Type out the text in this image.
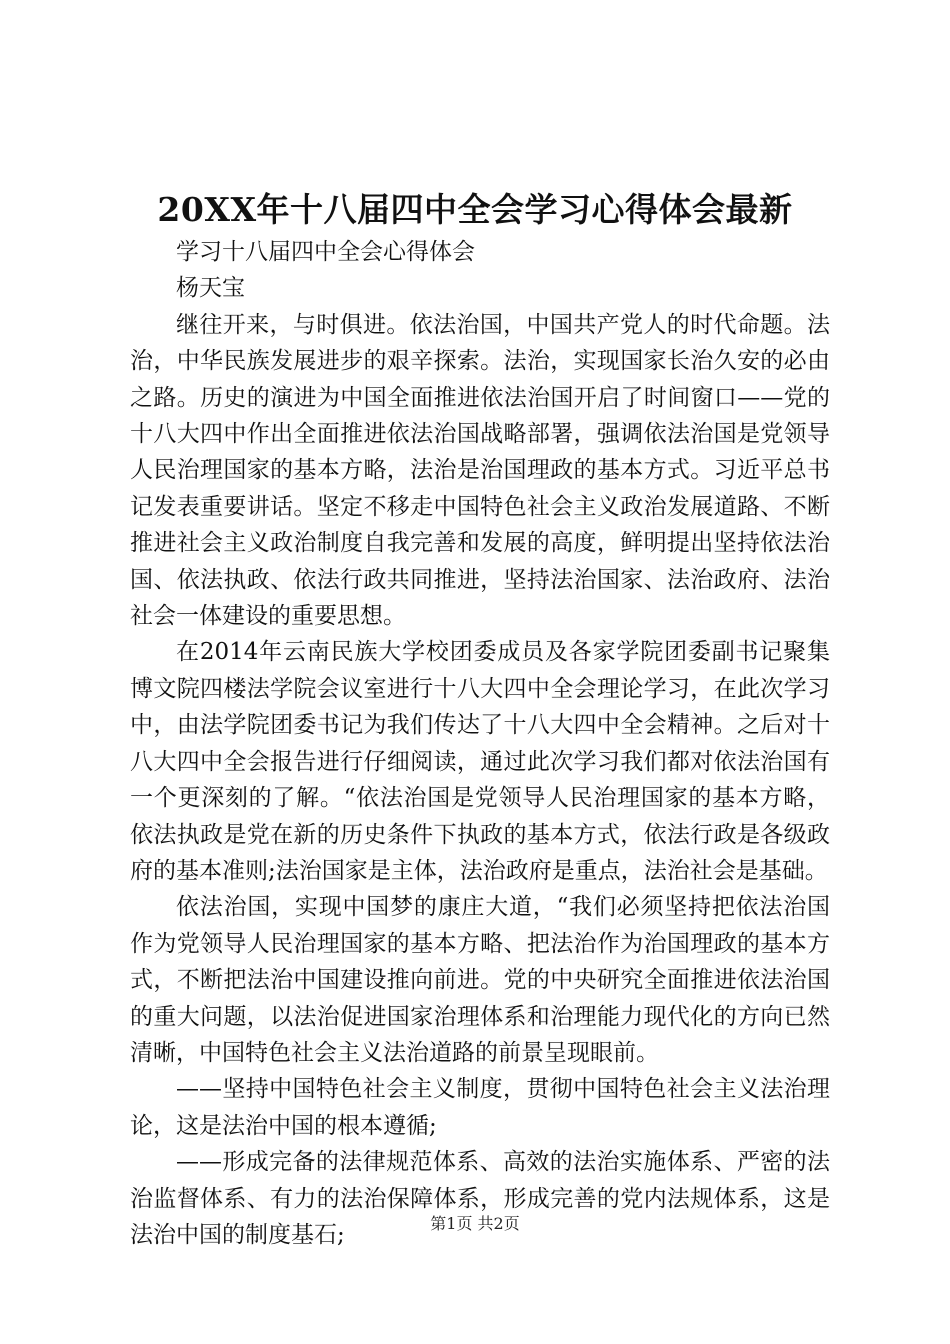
20XX年十八届四中全会学习心得体会最新

学习十八届四中全会心得体会

杨天宝

继往开来，与时俱进。依法治国，中国共产党人的时代命题。法治，中华民族发展进步的艰辛探索。法治，实现国家长治久安的必由之路。历史的演进为中国全面推进依法治国开启了时间窗口——党的十八大四中作出全面推进依法治国战略部署，强调依法治国是党领导人民治理国家的基本方略，法治是治国理政的基本方式。习近平总书记发表重要讲话。坚定不移走中国特色社会主义政治发展道路、不断推进社会主义政治制度自我完善和发展的高度，鲜明提出坚持依法治国、依法执政、依法行政共同推进，坚持法治国家、法治政府、法治社会一体建设的重要思想。

在2014年云南民族大学校团委成员及各家学院团委副书记聚集博文院四楼法学院会议室进行十八大四中全会理论学习，在此次学习中，由法学院团委书记为我们传达了十八大四中全会精神。之后对十八大四中全会报告进行仔细阅读，通过此次学习我们都对依法治国有一个更深刻的了解。“依法治国是党领导人民治理国家的基本方略，依法执政是党在新的历史条件下执政的基本方式，依法行政是各级政府的基本准则;法治国家是主体，法治政府是重点，法治社会是基础。

依法治国，实现中国梦的康庄大道，“我们必须坚持把依法治国作为党领导人民治理国家的基本方略、把法治作为治国理政的基本方式，不断把法治中国建设推向前进。党的中央研究全面推进依法治国的重大问题，以法治促进国家治理体系和治理能力现代化的方向已然清晰，中国特色社会主义法治道路的前景呈现眼前。

——坚持中国特色社会主义制度，贯彻中国特色社会主义法治理论，这是法治中国的根本遵循;

——形成完备的法律规范体系、高效的法治实施体系、严密的法治监督体系、有力的法治保障体系，形成完善的党内法规体系，这是法治中国的制度基石;	第1页 共2页
